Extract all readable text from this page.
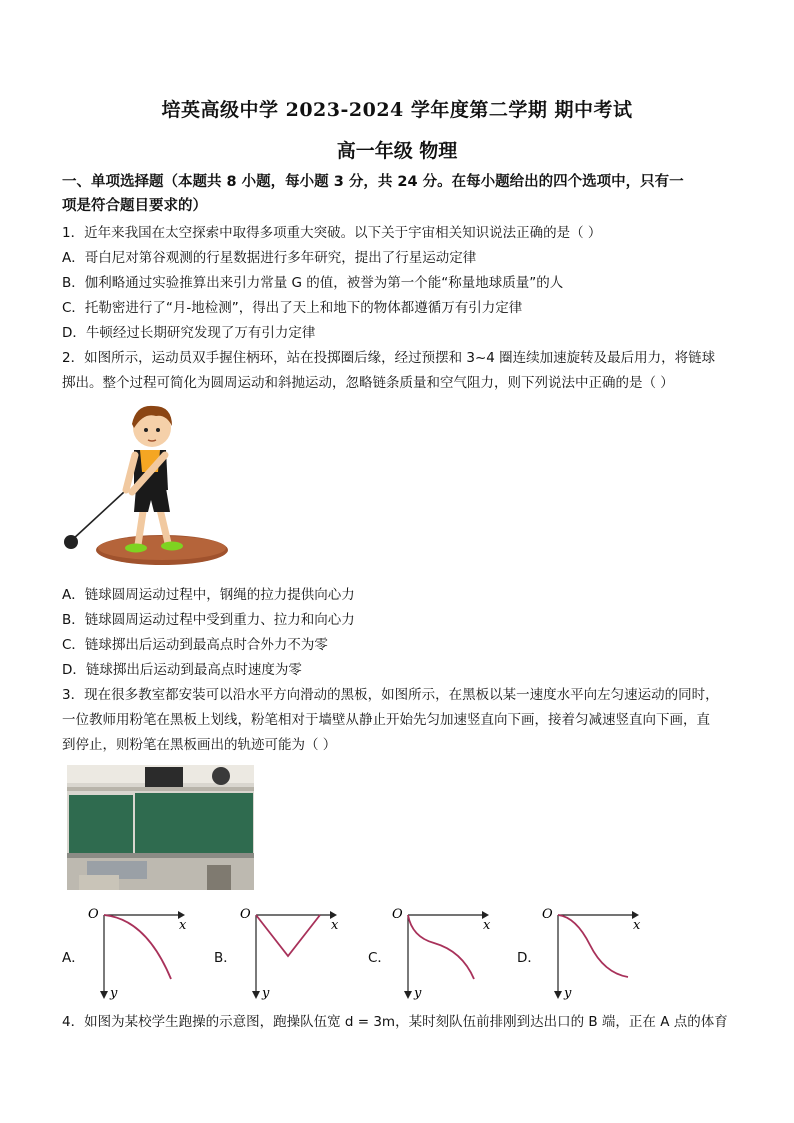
培英高级中学 2023-2024 学年度第二学期 期中考试
高一年级 物理
一、单项选择题（本题共 8 小题，每小题 3 分，共 24 分。在每小题给出的四个选项中，只有一
项是符合题目要求的）
1．近年来我国在太空探索中取得多项重大突破。以下关于宇宙相关知识说法正确的是（ ）
A．哥白尼对第谷观测的行星数据进行多年研究，提出了行星运动定律
B．伽利略通过实验推算出来引力常量 G 的值，被誉为第一个能“称量地球质量”的人
C．托勒密进行了“月-地检测”，得出了天上和地下的物体都遵循万有引力定律
D．牛顿经过长期研究发现了万有引力定律
2．如图所示，运动员双手握住柄环，站在投掷圈后缘，经过预摆和 3~4 圈连续加速旋转及最后用力，将链球
掷出。整个过程可简化为圆周运动和斜抛运动，忽略链条质量和空气阻力，则下列说法中正确的是（ ）
A．链球圆周运动过程中，钢绳的拉力提供向心力
B．链球圆周运动过程中受到重力、拉力和向心力
C．链球掷出后运动到最高点时合外力不为零
D．链球掷出后运动到最高点时速度为零
3．现在很多教室都安装可以沿水平方向滑动的黑板，如图所示，在黑板以某一速度水平向左匀速运动的同时，
一位教师用粉笔在黑板上划线，粉笔相对于墙壁从静止开始先匀加速竖直向下画，接着匀减速竖直向下画，直
到停止，则粉笔在黑板画出的轨迹可能为（ ）
A．	B．	C．	D．
O
x
y
O
x
y
O
x
y
O
x
y
4．如图为某校学生跑操的示意图，跑操队伍宽 d = 3m，某时刻队伍前排刚到达出口的 B 端，正在 A 点的体育
